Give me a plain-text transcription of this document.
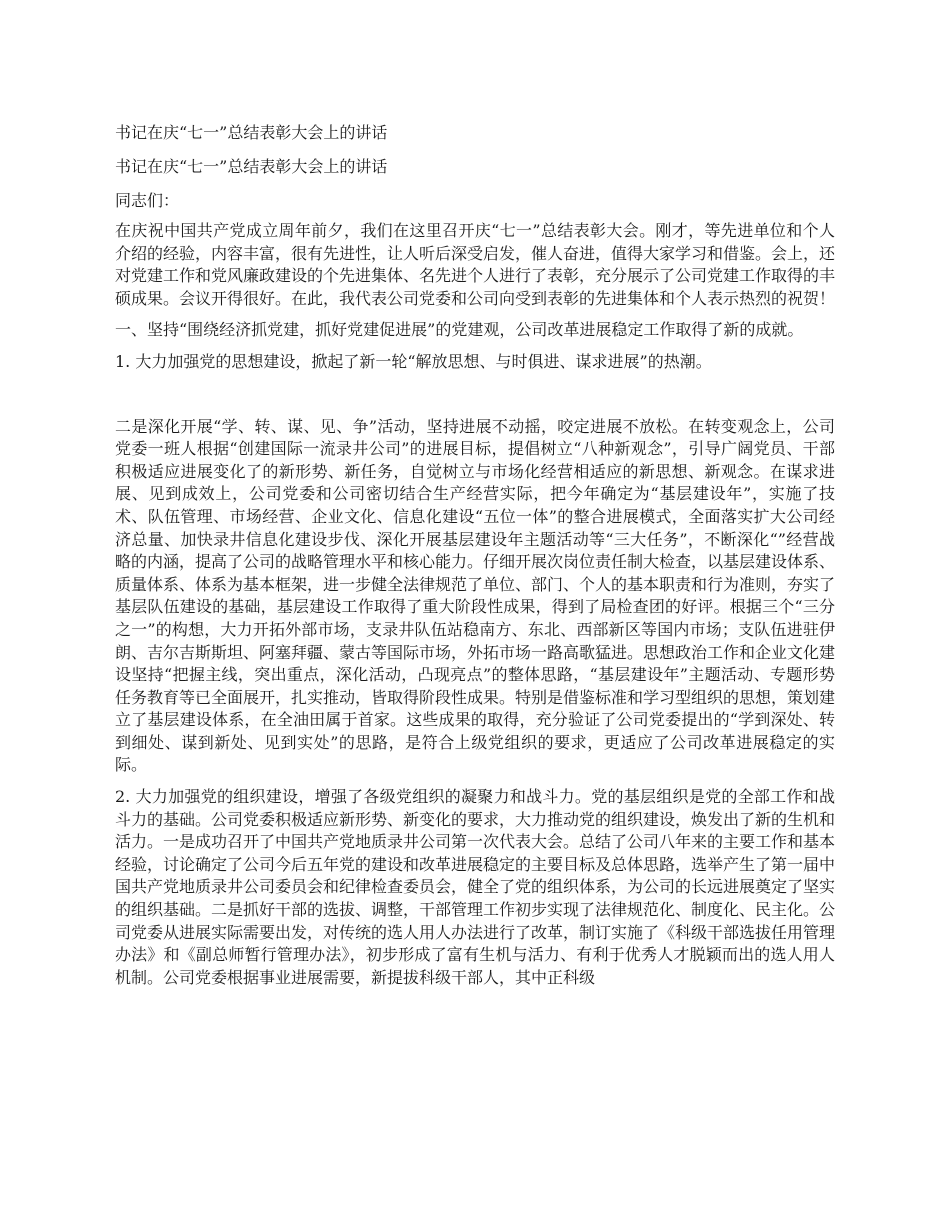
书记在庆“七一”总结表彰大会上的讲话
书记在庆“七一”总结表彰大会上的讲话
同志们：
在庆祝中国共产党成立周年前夕，我们在这里召开庆“七一”总结表彰大会。刚才，等先进单位和个人介绍的经验，内容丰富，很有先进性，让人听后深受启发，催人奋进，值得大家学习和借鉴。会上，还对党建工作和党风廉政建设的个先进集体、名先进个人进行了表彰，充分展示了公司党建工作取得的丰硕成果。会议开得很好。在此，我代表公司党委和公司向受到表彰的先进集体和个人表示热烈的祝贺！
一、坚持“围绕经济抓党建，抓好党建促进展”的党建观，公司改革进展稳定工作取得了新的成就。
1. 大力加强党的思想建设，掀起了新一轮“解放思想、与时俱进、谋求进展”的热潮。
二是深化开展“学、转、谋、见、争”活动，坚持进展不动摇，咬定进展不放松。在转变观念上，公司党委一班人根据“创建国际一流录井公司”的进展目标，提倡树立“八种新观念”，引导广阔党员、干部积极适应进展变化了的新形势、新任务，自觉树立与市场化经营相适应的新思想、新观念。在谋求进展、见到成效上，公司党委和公司密切结合生产经营实际，把今年确定为“基层建设年”，实施了技术、队伍管理、市场经营、企业文化、信息化建设“五位一体”的整合进展模式，全面落实扩大公司经济总量、加快录井信息化建设步伐、深化开展基层建设年主题活动等“三大任务”，不断深化“”经营战略的内涵，提高了公司的战略管理水平和核心能力。仔细开展次岗位责任制大检查，以基层建设体系、质量体系、体系为基本框架，进一步健全法律规范了单位、部门、个人的基本职责和行为准则，夯实了基层队伍建设的基础，基层建设工作取得了重大阶段性成果，得到了局检查团的好评。根据三个“三分之一”的构想，大力开拓外部市场，支录井队伍站稳南方、东北、西部新区等国内市场；支队伍进驻伊朗、吉尔吉斯斯坦、阿塞拜疆、蒙古等国际市场，外拓市场一路高歌猛进。思想政治工作和企业文化建设坚持“把握主线，突出重点，深化活动，凸现亮点”的整体思路，“基层建设年”主题活动、专题形势任务教育等已全面展开，扎实推动，皆取得阶段性成果。特别是借鉴标准和学习型组织的思想，策划建立了基层建设体系，在全油田属于首家。这些成果的取得，充分验证了公司党委提出的“学到深处、转到细处、谋到新处、见到实处”的思路，是符合上级党组织的要求，更适应了公司改革进展稳定的实际。
2. 大力加强党的组织建设，增强了各级党组织的凝聚力和战斗力。党的基层组织是党的全部工作和战斗力的基础。公司党委积极适应新形势、新变化的要求，大力推动党的组织建设，焕发出了新的生机和活力。一是成功召开了中国共产党地质录井公司第一次代表大会。总结了公司八年来的主要工作和基本经验，讨论确定了公司今后五年党的建设和改革进展稳定的主要目标及总体思路，选举产生了第一届中国共产党地质录井公司委员会和纪律检查委员会，健全了党的组织体系，为公司的长远进展奠定了坚实的组织基础。二是抓好干部的选拔、调整，干部管理工作初步实现了法律规范化、制度化、民主化。公司党委从进展实际需要出发，对传统的选人用人办法进行了改革，制订实施了《科级干部选拔任用管理办法》和《副总师暂行管理办法》，初步形成了富有生机与活力、有利于优秀人才脱颖而出的选人用人机制。公司党委根据事业进展需要，新提拔科级干部人，其中正科级
